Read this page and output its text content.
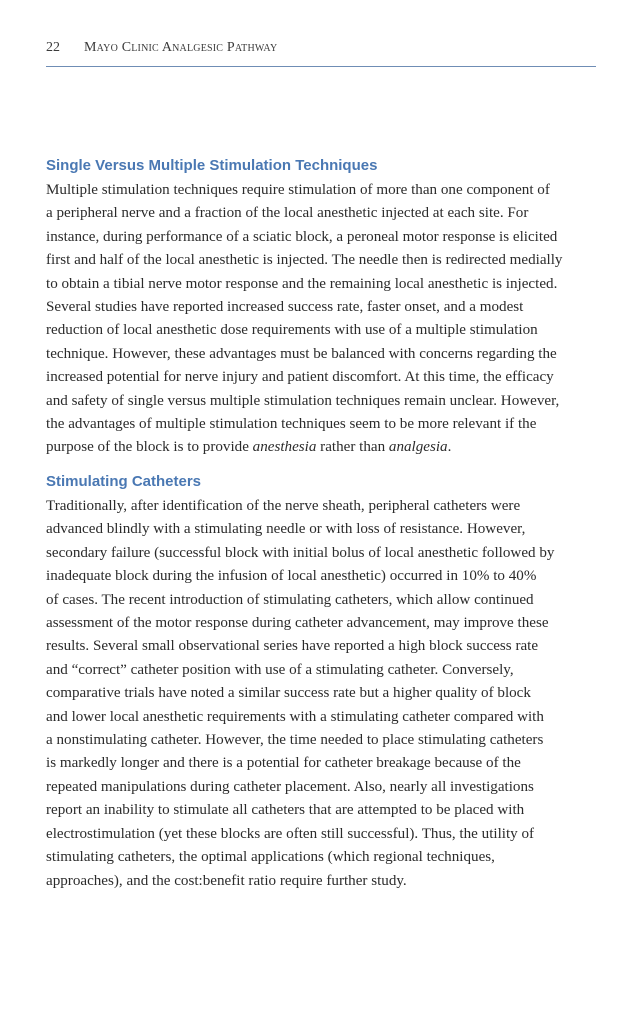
22 Mayo Clinic Analgesic Pathway
Single Versus Multiple Stimulation Techniques

Multiple stimulation techniques require stimulation of more than one component of
a peripheral nerve and a fraction of the local anesthetic injected at each site. For
instance, during performance of a sciatic block, a peroneal motor response is elicited
first and half of the local anesthetic is injected. The needle then is redirected medially
to obtain a tibial nerve motor response and the remaining local anesthetic is injected.
Several studies have reported increased success rate, faster onset, and a modest
reduction of local anesthetic dose requirements with use of a multiple stimulation
technique. However, these advantages must be balanced with concerns regarding the
increased potential for nerve injury and patient discomfort. At this time, the efficacy
and safety of single versus multiple stimulation techniques remain unclear. However,
the advantages of multiple stimulation techniques seem to be more relevant if the
purpose of the block is to provide anesthesia rather than analgesia.

Stimulating Catheters

Traditionally, after identification of the nerve sheath, peripheral catheters were
advanced blindly with a stimulating needle or with loss of resistance. However,
secondary failure (successful block with initial bolus of local anesthetic followed by
inadequate block during the infusion of local anesthetic) occurred in 10% to 40%
of cases. The recent introduction of stimulating catheters, which allow continued
assessment of the motor response during catheter advancement, may improve these
results. Several small observational series have reported a high block success rate
and “correct” catheter position with use of a stimulating catheter. Conversely,
comparative trials have noted a similar success rate but a higher quality of block
and lower local anesthetic requirements with a stimulating catheter compared with
a nonstimulating catheter. However, the time needed to place stimulating catheters
is markedly longer and there is a potential for catheter breakage because of the
repeated manipulations during catheter placement. Also, nearly all investigations
report an inability to stimulate all catheters that are attempted to be placed with
electrostimulation (yet these blocks are often still successful). Thus, the utility of
stimulating catheters, the optimal applications (which regional techniques,
approaches), and the cost:benefit ratio require further study.
